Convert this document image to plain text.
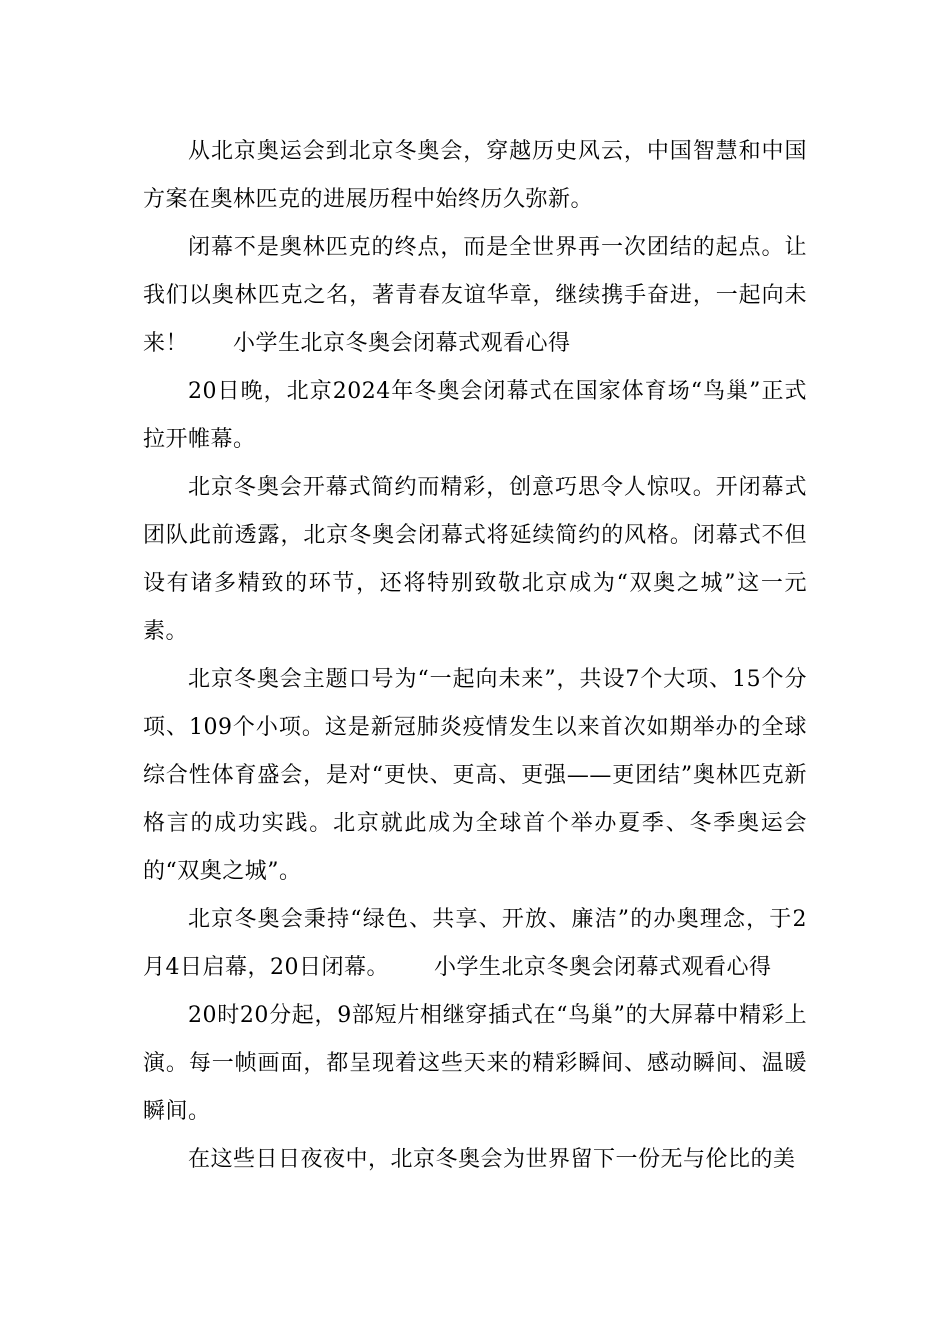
从北京奥运会到北京冬奥会，穿越历史风云，中国智慧和中国方案在奥林匹克的进展历程中始终历久弥新。

闭幕不是奥林匹克的终点，而是全世界再一次团结的起点。让我们以奥林匹克之名，著青春友谊华章，继续携手奋进，一起向未来！ 小学生北京冬奥会闭幕式观看心得

20日晚，北京2024年冬奥会闭幕式在国家体育场“鸟巢”正式拉开帷幕。

北京冬奥会开幕式简约而精彩，创意巧思令人惊叹。开闭幕式团队此前透露，北京冬奥会闭幕式将延续简约的风格。闭幕式不但设有诸多精致的环节，还将特别致敬北京成为“双奥之城”这一元素。

北京冬奥会主题口号为“一起向未来”，共设7个大项、15个分项、109个小项。这是新冠肺炎疫情发生以来首次如期举办的全球综合性体育盛会，是对“更快、更高、更强——更团结”奥林匹克新格言的成功实践。北京就此成为全球首个举办夏季、冬季奥运会的“双奥之城”。

北京冬奥会秉持“绿色、共享、开放、廉洁”的办奥理念，于2月4日启幕，20日闭幕。 小学生北京冬奥会闭幕式观看心得

20时20分起，9部短片相继穿插式在“鸟巢”的大屏幕中精彩上演。每一帧画面，都呈现着这些天来的精彩瞬间、感动瞬间、温暖瞬间。

在这些日日夜夜中，北京冬奥会为世界留下一份无与伦比的美
